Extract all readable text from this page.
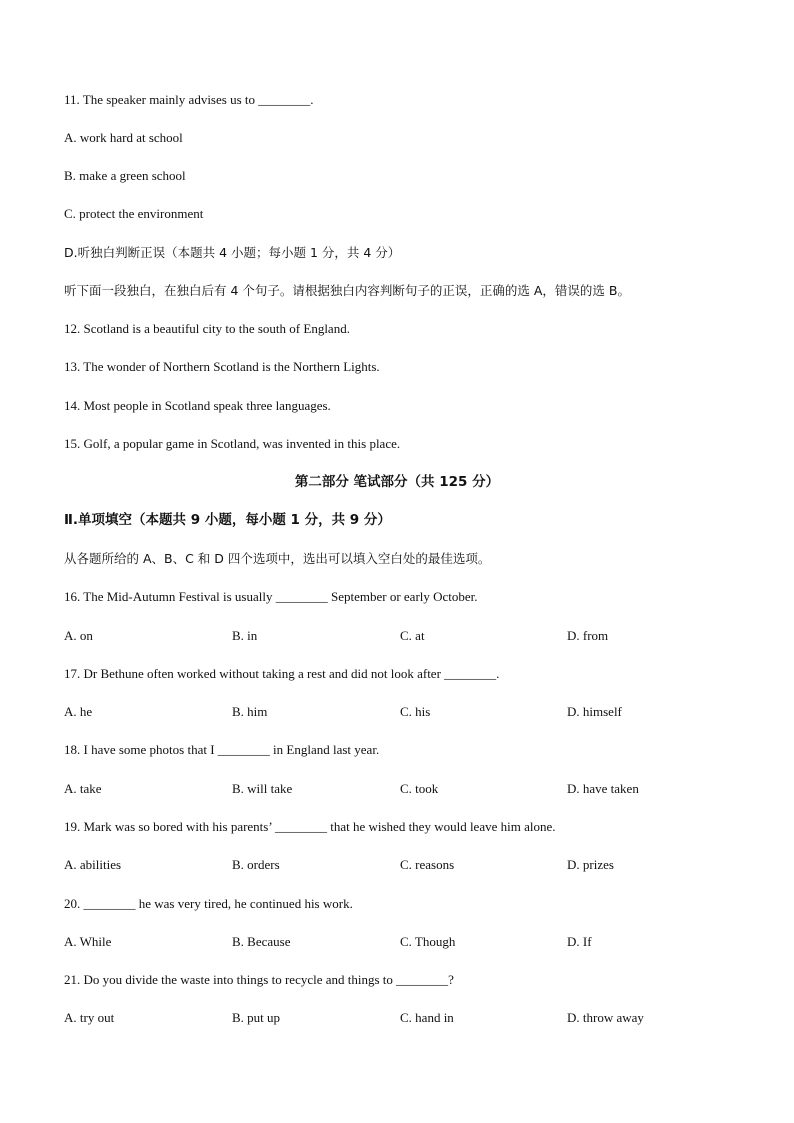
11. The speaker mainly advises us to ________.
A. work hard at school
B. make a green school
C. protect the environment
D.听独白判断正误（本题共 4 小题；每小题 1 分，共 4 分）
听下面一段独白，在独白后有 4 个句子。请根据独白内容判断句子的正误，正确的选 A，错误的选 B。
12. Scotland is a beautiful city to the south of England.
13. The wonder of Northern Scotland is the Northern Lights.
14. Most people in Scotland speak three languages.
15. Golf, a popular game in Scotland, was invented in this place.
第二部分 笔试部分（共 125 分）
Ⅱ.单项填空（本题共 9 小题，每小题 1 分，共 9 分）
从各题所给的 A、B、C 和 D 四个选项中，选出可以填入空白处的最佳选项。
16. The Mid-Autumn Festival is usually ________ September or early October.
A. on	B. in	C. at	D. from
17. Dr Bethune often worked without taking a rest and did not look after ________.
A. he	B. him	C. his	D. himself
18. I have some photos that I ________ in England last year.
A. take	B. will take	C. took	D. have taken
19. Mark was so bored with his parents’ ________ that he wished they would leave him alone.
A. abilities	B. orders	C. reasons	D. prizes
20. ________ he was very tired, he continued his work.
A. While	B. Because	C. Though	D. If
21. Do you divide the waste into things to recycle and things to ________?
A. try out	B. put up	C. hand in	D. throw away
